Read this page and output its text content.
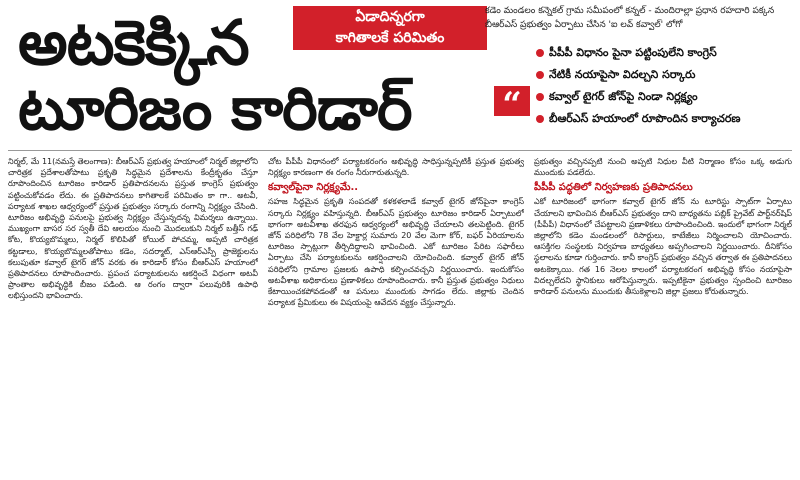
అటకెక్కిన
టూరిజం కారిడార్
ఏడాదిన్నరగా
కాగితాలకే పరిమితం
“
కడెం మండలం కన్నెకల్ గ్రామ సమీపంలో కన్నల్ - మందిరాల్లా ప్రధాన రహదారి పక్కన బీఆర్ఎస్ ప్రభుత్వం ఏర్పాటు చేసిన 'ఐ లవ్ కవ్వాల్' లోగో
పీపీపీ విధానం పైనా పట్టింపులేని కాంగ్రెస్
నేటికీ నయాపైసా విదల్చని సర్కారు
కవ్వాల్ టైగర్ జోన్‌పై నిండా నిర్లక్ష్యం
బీఆర్ఎస్ హయాంలో రూపొందిన కార్యాచరణ

నిర్మల్, మే 11(నమస్తే తెలంగాణ): బీఆర్ఎస్ ప్రభుత్వ హయాంలో నిర్మల్ జిల్లాలోని చారిత్రక ప్రదేశాలతోపాటు ప్రకృతి సిద్ధమైన ప్రదేశాలను కేంద్రీకృతం చేస్తూ రూపొందించిన టూరిజం కారిడార్ ప్రతిపాదనలను ప్రస్తుత కాంగ్రెస్ ప్రభుత్వం పట్టించుకోవడం లేదు. ఈ ప్రతిపాదనలు కాగితాలకే పరిమితం కా గా.. అటవీ, పర్యాటక శాఖల ఆధ్వర్యంలో ప్రస్తుత ప్రభుత్వం సర్కారు రంగాన్ని నిర్లక్ష్యం చేసింది. టూరిజం అభివృద్ధి పనులపై ప్రభుత్వ నిర్లక్ష్యం చేస్తున్నదన్న విమర్శలు ఉన్నాయి. ముఖ్యంగా బాసర సర స్వతీ దేవి ఆలయం నుంచి మొదలుకుని నిర్మల్ బత్తీస్ గఢ్ కోట, కొయ్యబొమ్మలు, నిర్మల్ కొలిపితో కోయిల్ పోచమ్మ, అప్పటి చారిత్రక కట్టడాలు, కొయ్యబొమ్మలతోపాటు కడెం, సదర్మాట్, ఎస్ఆర్ఎస్పీ ప్రాజెక్టులను కలుపుతూ కవ్వాల్ టైగర్ జోన్ వరకు ఈ కారిడార్ కోసం బీఆర్ఎస్ హయాంలో ప్రతిపాదనలు రూపొందించారు. ప్రపంచ పర్యాటకులను ఆకర్షించే విధంగా అటవీ ప్రాంతాల అభివృద్ధికి బీజం పడింది. ఆ రంగం ద్వారా పలువురికి ఉపాధి లభిస్తుందని భావించారు.

చోట పీపీపీ విధానంలో పర్యాటకరంగం అభివృద్ధి సాధిస్తున్నప్పటికీ ప్రస్తుత ప్రభుత్వ నిర్లక్ష్యం కారణంగా ఈ రంగం నీరుగారుతున్నది.

కవ్వాల్‌పైనా నిర్లక్ష్యమే..

సహజ సిద్ధమైన ప్రకృతి సంపదతో కళకళలాడే కవ్వాల్ టైగర్ జోన్‌పైనా కాంగ్రెస్ సర్కారు నిర్లక్ష్యం వహిస్తున్నది. బీఆర్ఎస్ ప్రభుత్వం టూరిజం కారిడార్ ఏర్పాటులో భాగంగా అటవీశాఖ తరఫున ఆధ్వర్యంలో అభివృద్ధి చేయాలని తలపెట్టింది. టైగర్ జోన్ పరిధిలోని 78 వేల హెక్టార్ల సుమారు 20 వేల మెగా కోర్, బఫర్ ఏరియాలను టూరిజం స్పాట్లుగా తీర్చిదిద్దాలని భావించింది. ఎకో టూరిజం పేరిట సఫారీలు ఏర్పాటు చేసి పర్యాటకులను ఆకర్షించాలని యోచించింది. కవ్వాల్ టైగర్ జోన్ పరిధిలోని గ్రామాల ప్రజలకు ఉపాధి కల్పించవచ్చని నిర్ణయించారు. ఇందుకోసం అటవీశాఖ అధికారులు ప్రణాళికలు రూపొందించారు. కానీ ప్రస్తుత ప్రభుత్వం నిధులు కేటాయించకపోవడంతో ఆ పనులు ముందుకు సాగడం లేదు. జిల్లాకు చెందిన పర్యాటక ప్రేమికులు ఈ విషయంపై ఆవేదన వ్యక్తం చేస్తున్నారు.

ప్రభుత్వం వచ్చినప్పటి నుంచి అప్పటి నిధుల వీటి నిర్మాణం కోసం ఒక్క అడుగు ముందుకు పడలేదు.

పీపీపీ పద్ధతిలో నిర్వహణకు ప్రతిపాదనలు

ఎకో టూరిజంలో భాగంగా కవ్వాల్ టైగర్ జోన్ ను టూరిస్టు స్పాట్‌గా ఏర్పాటు చేయాలని భావించిన బీఆర్ఎస్ ప్రభుత్వం దాని బాధ్యతను పబ్లిక్ ప్రైవేట్ పార్ట్‌నర్‌షిప్ (పీపీపీ) విధానంలో చేపట్టాలని ప్రణాళికలు రూపొందించింది. ఇందులో భాగంగా నిర్మల్ జిల్లాలోని కడెం మండలంలో రిసార్టులు, కాటేజీలు నిర్మించాలని యోచించారు. ఆసక్తిగల సంస్థలకు నిర్వహణ బాధ్యతలు అప్పగించాలని నిర్ణయించారు. దీనికోసం స్థలాలను కూడా గుర్తించారు. కానీ కాంగ్రెస్ ప్రభుత్వం వచ్చిన తర్వాత ఈ ప్రతిపాదనలు అటకెక్కాయి. గత 16 నెలల కాలంలో పర్యాటకరంగ అభివృద్ధి కోసం నయాపైసా విదల్చలేదని స్థానికులు ఆరోపిస్తున్నారు. ఇప్పటికైనా ప్రభుత్వం స్పందించి టూరిజం కారిడార్ పనులను ముందుకు తీసుకెళ్లాలని జిల్లా ప్రజలు కోరుతున్నారు.
